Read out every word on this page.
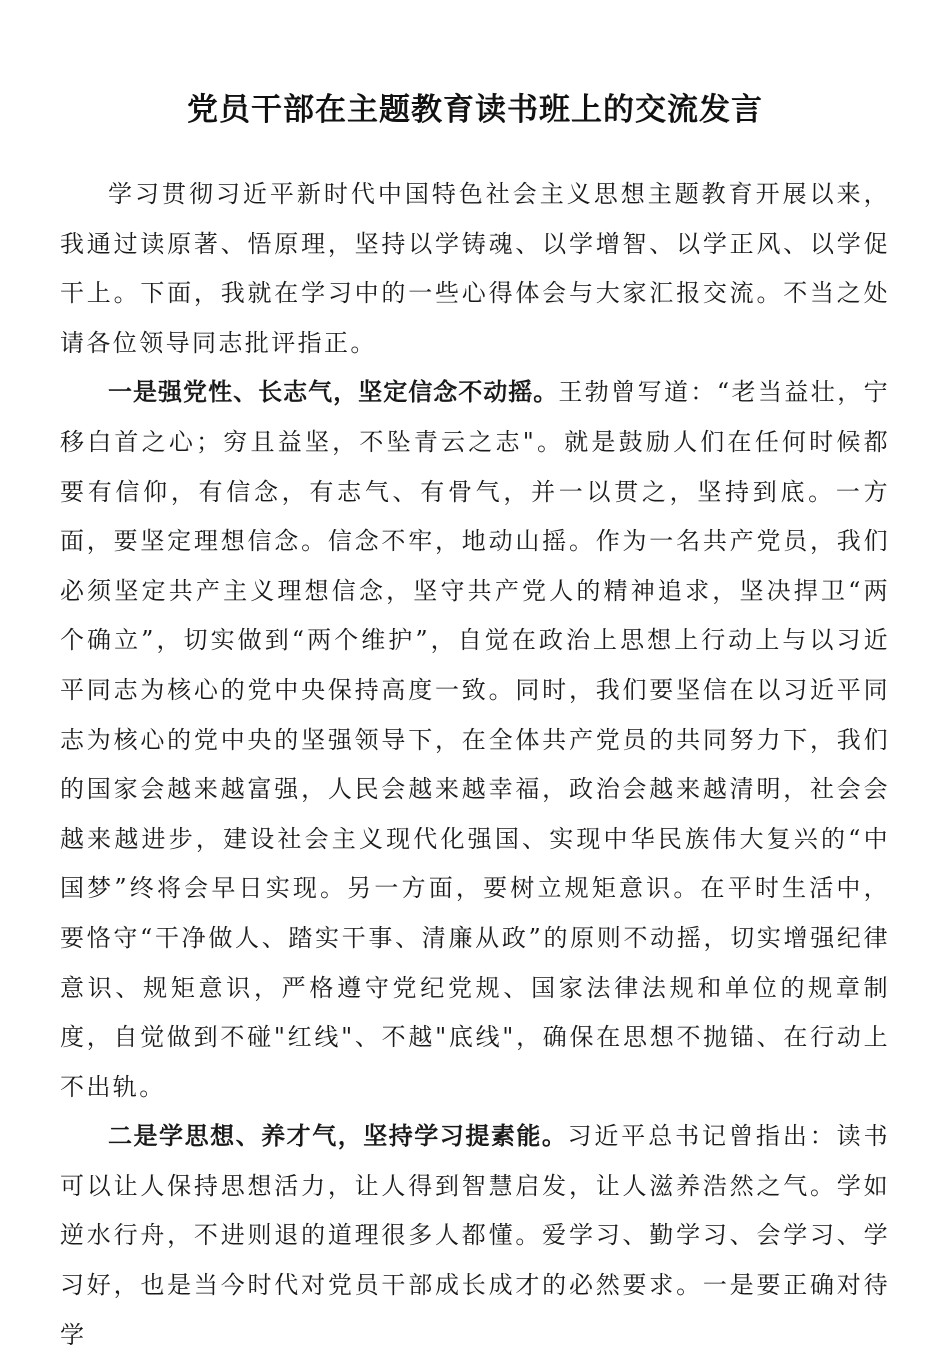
党员干部在主题教育读书班上的交流发言

学习贯彻习近平新时代中国特色社会主义思想主题教育开展以来，我通过读原著、悟原理，坚持以学铸魂、以学增智、以学正风、以学促干上。下面，我就在学习中的一些心得体会与大家汇报交流。不当之处请各位领导同志批评指正。

一是强党性、长志气，坚定信念不动摇。王勃曾写道：“老当益壮，宁移白首之心；穷且益坚，不坠青云之志"。就是鼓励人们在任何时候都要有信仰，有信念，有志气、有骨气，并一以贯之，坚持到底。一方面，要坚定理想信念。信念不牢，地动山摇。作为一名共产党员，我们必须坚定共产主义理想信念，坚守共产党人的精神追求，坚决捍卫“两个确立”，切实做到“两个维护”，自觉在政治上思想上行动上与以习近平同志为核心的党中央保持高度一致。同时，我们要坚信在以习近平同志为核心的党中央的坚强领导下，在全体共产党员的共同努力下，我们的国家会越来越富强，人民会越来越幸福，政治会越来越清明，社会会越来越进步，建设社会主义现代化强国、实现中华民族伟大复兴的“中国梦”终将会早日实现。另一方面，要树立规矩意识。在平时生活中，要恪守“干净做人、踏实干事、清廉从政”的原则不动摇，切实增强纪律意识、规矩意识，严格遵守党纪党规、国家法律法规和单位的规章制度，自觉做到不碰"红线"、不越"底线"，确保在思想不抛锚、在行动上不出轨。

二是学思想、养才气，坚持学习提素能。习近平总书记曾指出：读书可以让人保持思想活力，让人得到智慧启发，让人滋养浩然之气。学如逆水行舟，不进则退的道理很多人都懂。爱学习、勤学习、会学习、学习好，也是当今时代对党员干部成长成才的必然要求。一是要正确对待学
